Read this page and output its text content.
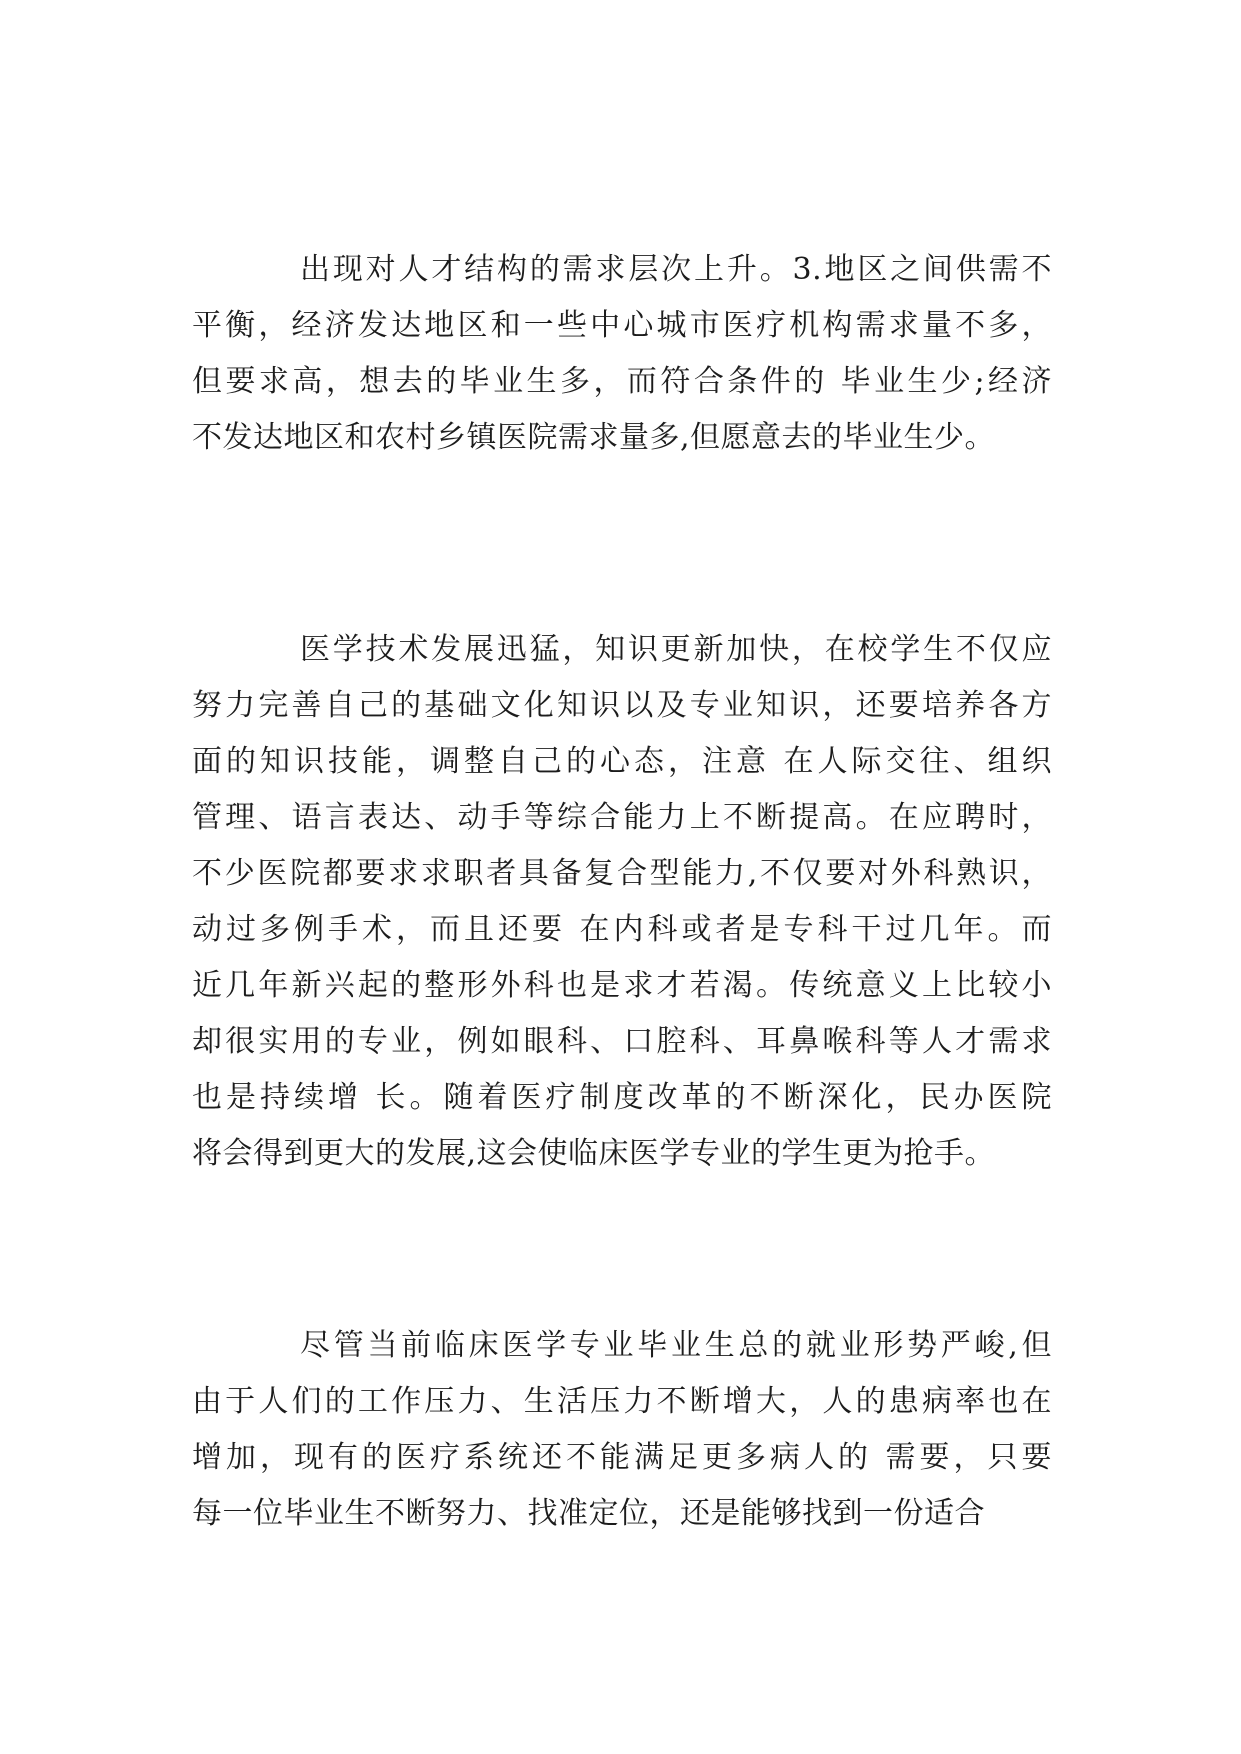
出现对人才结构的需求层次上升。3.地区之间供需不
平衡，经济发达地区和一些中心城市医疗机构需求量不多，
但要求高，想去的毕业生多，而符合条件的 毕业生少;经济
不发达地区和农村乡镇医院需求量多,但愿意去的毕业生少。
医学技术发展迅猛，知识更新加快，在校学生不仅应
努力完善自己的基础文化知识以及专业知识，还要培养各方
面的知识技能，调整自己的心态，注意 在人际交往、组织
管理、语言表达、动手等综合能力上不断提高。在应聘时，
不少医院都要求求职者具备复合型能力,不仅要对外科熟识，
动过多例手术，而且还要 在内科或者是专科干过几年。而
近几年新兴起的整形外科也是求才若渴。传统意义上比较小
却很实用的专业，例如眼科、口腔科、耳鼻喉科等人才需求
也是持续增 长。随着医疗制度改革的不断深化，民办医院
将会得到更大的发展,这会使临床医学专业的学生更为抢手。
尽管当前临床医学专业毕业生总的就业形势严峻,但
由于人们的工作压力、生活压力不断增大，人的患病率也在
增加，现有的医疗系统还不能满足更多病人的 需要，只要
每一位毕业生不断努力、找准定位，还是能够找到一份适合
